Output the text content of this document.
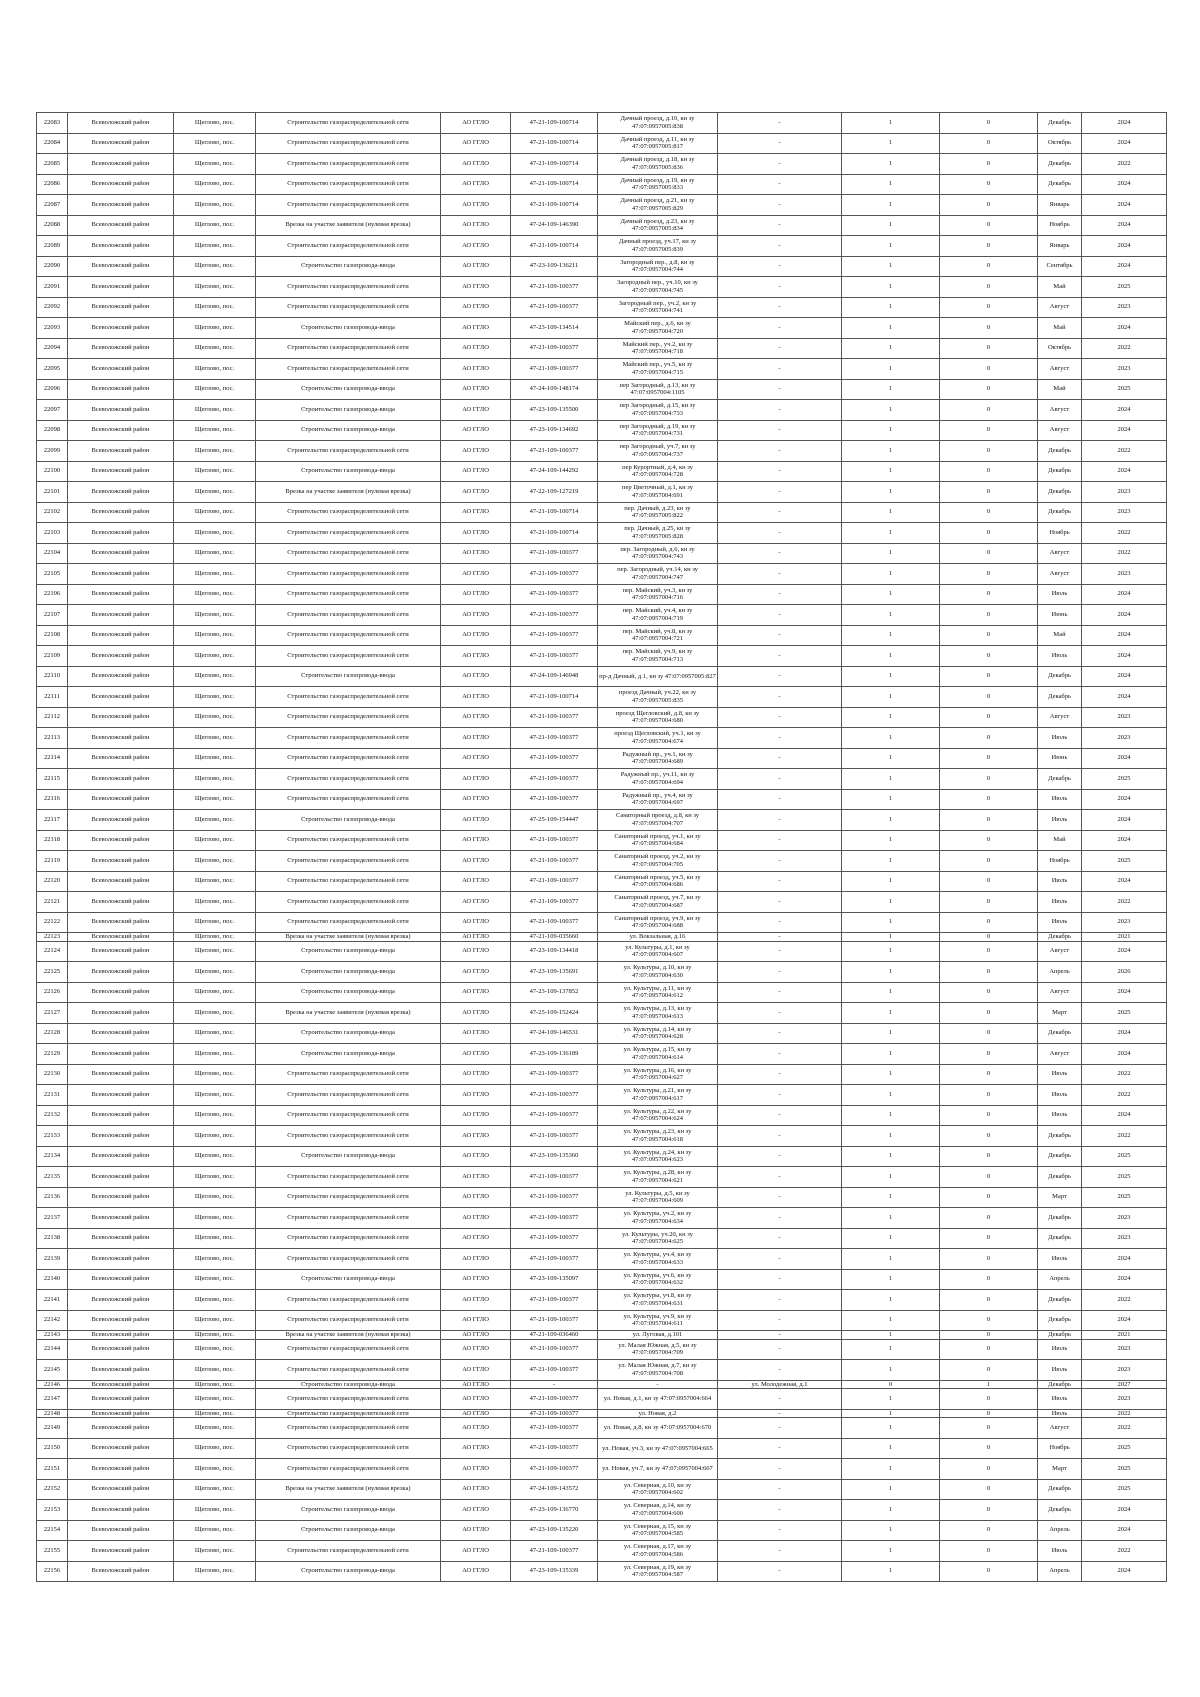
22083	Всеволожский район	Щеглово, пос.	Строительство газораспределительной сети	АО ГГЛО	47-21-109-100714	Дачный проезд, д.10, кн зу 47:07:0957005:838	-	1	0	Декабрь	2024
22084	Всеволожский район	Щеглово, пос.	Строительство газораспределительной сети	АО ГГЛО	47-21-109-100714	Дачный проезд, д.11, кн зу 47:07:0957005:817	-	1	0	Октябрь	2024
22085	Всеволожский район	Щеглово, пос.	Строительство газораспределительной сети	АО ГГЛО	47-21-109-100714	Дачный проезд, д.18, кн зу 47:07:0957005:836	-	1	0	Декабрь	2022
22086	Всеволожский район	Щеглово, пос.	Строительство газораспределительной сети	АО ГГЛО	47-21-109-100714	Дачный проезд, д.19, кн зу 47:07:0957005:833	-	1	0	Декабрь	2024
22087	Всеволожский район	Щеглово, пос.	Строительство газораспределительной сети	АО ГГЛО	47-21-109-100714	Дачный проезд, д.21, кн зу 47:07:0957005:829	-	1	0	Январь	2024
22088	Всеволожский район	Щеглово, пос.	Врезка на участке заявителя (нулевая врезка)	АО ГГЛО	47-24-109-146390	Дачный проезд, д.23, кн зу 47:07:0957005:834	-	1	0	Ноябрь	2024
22089	Всеволожский район	Щеглово, пос.	Строительство газораспределительной сети	АО ГГЛО	47-21-109-100714	Дачный проезд, уч.17, кн зу 47:07:0957005:839	-	1	0	Январь	2024
22090	Всеволожский район	Щеглово, пос.	Строительство газопровода-ввода	АО ГГЛО	47-23-109-136211	Загородный пер., д.8, кн зу 47:07:0957004:744	-	1	0	Сентябрь	2024
22091	Всеволожский район	Щеглово, пос.	Строительство газораспределительной сети	АО ГГЛО	47-21-109-100377	Загородный пер., уч.10, кн зу 47:07:0957004:745	-	1	0	Май	2025
22092	Всеволожский район	Щеглово, пос.	Строительство газораспределительной сети	АО ГГЛО	47-21-109-100377	Загородный пер., уч.2, кн зу 47:07:0957004:741	-	1	0	Август	2023
22093	Всеволожский район	Щеглово, пос.	Строительство газопровода-ввода	АО ГГЛО	47-23-109-134514	Майский пер., д.6, кн зу 47:07:0957004:720	-	1	0	Май	2024
22094	Всеволожский район	Щеглово, пос.	Строительство газораспределительной сети	АО ГГЛО	47-21-109-100377	Майский пер., уч.2, кн зу 47:07:0957004:718	-	1	0	Октябрь	2022
22095	Всеволожский район	Щеглово, пос.	Строительство газораспределительной сети	АО ГГЛО	47-21-109-100377	Майский пер., уч.5, кн зу 47:07:0957004:715	-	1	0	Август	2023
22096	Всеволожский район	Щеглово, пос.	Строительство газопровода-ввода	АО ГГЛО	47-24-109-148174	пер Загородный, д.13, кн зу 47:07:0957004:1105	-	1	0	Май	2025
22097	Всеволожский район	Щеглово, пос.	Строительство газопровода-ввода	АО ГГЛО	47-23-109-135500	пер Загородный, д.15, кн зу 47:07:0957004:733	-	1	0	Август	2024
22098	Всеволожский район	Щеглово, пос.	Строительство газопровода-ввода	АО ГГЛО	47-23-109-134692	пер Загородный, д.19, кн зу 47:07:0957004:731	-	1	0	Август	2024
22099	Всеволожский район	Щеглово, пос.	Строительство газораспределительной сети	АО ГГЛО	47-21-109-100377	пер Загородный, уч.7, кн зу 47:07:0957004:737	-	1	0	Декабрь	2022
22100	Всеволожский район	Щеглово, пос.	Строительство газопровода-ввода	АО ГГЛО	47-24-109-144292	пер Курортный, д.4, кн зу 47:07:0957004:728	-	1	0	Декабрь	2024
22101	Всеволожский район	Щеглово, пос.	Врезка на участке заявителя (нулевая врезка)	АО ГГЛО	47-22-109-127219	пер Цветочный, д.1, кн зу 47:07:0957004:691	-	1	0	Декабрь	2023
22102	Всеволожский район	Щеглово, пос.	Строительство газораспределительной сети	АО ГГЛО	47-21-109-100714	пер. Дачный, д.23, кн зу 47:07:0957005:822	-	1	0	Декабрь	2023
22103	Всеволожский район	Щеглово, пос.	Строительство газораспределительной сети	АО ГГЛО	47-21-109-100714	пер. Дачный, д.25, кн зу 47:07:0957005:828	-	1	0	Ноябрь	2022
22104	Всеволожский район	Щеглово, пос.	Строительство газораспределительной сети	АО ГГЛО	47-21-109-100377	пер. Загородный, д.6, кн зу 47:07:0957004:743	-	1	0	Август	2022
22105	Всеволожский район	Щеглово, пос.	Строительство газораспределительной сети	АО ГГЛО	47-21-109-100377	пер. Загородный, уч.14, кн зу 47:07:0957004:747	-	1	0	Август	2023
22106	Всеволожский район	Щеглово, пос.	Строительство газораспределительной сети	АО ГГЛО	47-21-109-100377	пер. Майский, уч.3, кн зу 47:07:0957004:716	-	1	0	Июль	2024
22107	Всеволожский район	Щеглово, пос.	Строительство газораспределительной сети	АО ГГЛО	47-21-109-100377	пер. Майский, уч.4, кн зу 47:07:0957004:719	-	1	0	Июнь	2024
22108	Всеволожский район	Щеглово, пос.	Строительство газораспределительной сети	АО ГГЛО	47-21-109-100377	пер. Майский, уч.8, кн зу 47:07:0957004:721	-	1	0	Май	2024
22109	Всеволожский район	Щеглово, пос.	Строительство газораспределительной сети	АО ГГЛО	47-21-109-100377	пер. Майский, уч.9, кн зу 47:07:0957004:713	-	1	0	Июль	2024
22110	Всеволожский район	Щеглово, пос.	Строительство газопровода-ввода	АО ГГЛО	47-24-109-146948	пр-д Дачный, д.1, кн зу 47:07:0957005:827	-	1	0	Декабрь	2024
22111	Всеволожский район	Щеглово, пос.	Строительство газораспределительной сети	АО ГГЛО	47-21-109-100714	проезд Дачный, уч.22, кн зу 47:07:0957005:835	-	1	0	Декабрь	2024
22112	Всеволожский район	Щеглово, пос.	Строительство газораспределительной сети	АО ГГЛО	47-21-109-100377	проезд Щегловский, д.8, кн зу 47:07:0957004:680	-	1	0	Август	2023
22113	Всеволожский район	Щеглово, пос.	Строительство газораспределительной сети	АО ГГЛО	47-21-109-100377	проезд Щегловский, уч.1, кн зу 47:07:0957004:674	-	1	0	Июль	2023
22114	Всеволожский район	Щеглово, пос.	Строительство газораспределительной сети	АО ГГЛО	47-21-109-100377	Радужный пр., уч.1, кн зу 47:07:0957004:689	-	1	0	Июнь	2024
22115	Всеволожский район	Щеглово, пос.	Строительство газораспределительной сети	АО ГГЛО	47-21-109-100377	Радужный пр., уч.11, кн зу 47:07:0957004:694	-	1	0	Декабрь	2025
22116	Всеволожский район	Щеглово, пос.	Строительство газораспределительной сети	АО ГГЛО	47-21-109-100377	Радужный пр., уч.4, кн зу 47:07:0957004:697	-	1	0	Июль	2024
22117	Всеволожский район	Щеглово, пос.	Строительство газопровода-ввода	АО ГГЛО	47-25-109-154447	Санаторный проезд, д.8, кн зу 47:07:0957004:707	-	1	0	Июль	2024
22118	Всеволожский район	Щеглово, пос.	Строительство газораспределительной сети	АО ГГЛО	47-21-109-100377	Санаторный проезд, уч.1, кн зу 47:07:0957004:684	-	1	0	Май	2024
22119	Всеволожский район	Щеглово, пос.	Строительство газораспределительной сети	АО ГГЛО	47-21-109-100377	Санаторный проезд, уч.2, кн зу 47:07:0957004:705	-	1	0	Ноябрь	2025
22120	Всеволожский район	Щеглово, пос.	Строительство газораспределительной сети	АО ГГЛО	47-21-109-100377	Санаторный проезд, уч.5, кн зу 47:07:0957004:686	-	1	0	Июль	2024
22121	Всеволожский район	Щеглово, пос.	Строительство газораспределительной сети	АО ГГЛО	47-21-109-100377	Санаторный проезд, уч.7, кн зу 47:07:0957004:687	-	1	0	Июль	2022
22122	Всеволожский район	Щеглово, пос.	Строительство газораспределительной сети	АО ГГЛО	47-21-109-100377	Санаторный проезд, уч.9, кн зу 47:07:0957004:688	-	1	0	Июль	2023
22123	Всеволожский район	Щеглово, пос.	Врезка на участке заявителя (нулевая врезка)	АО ГГЛО	47-21-109-035660	ул. Вокзальная, д.16	-	1	0	Декабрь	2021
22124	Всеволожский район	Щеглово, пос.	Строительство газопровода-ввода	АО ГГЛО	47-23-109-134418	ул. Культуры, д.1, кн зу 47:07:0957004:607	-	1	0	Август	2024
22125	Всеволожский район	Щеглово, пос.	Строительство газопровода-ввода	АО ГГЛО	47-23-109-135691	ул. Культуры, д.10, кн зу 47:07:0957004:630	-	1	0	Апрель	2026
22126	Всеволожский район	Щеглово, пос.	Строительство газопровода-ввода	АО ГГЛО	47-23-109-137852	ул. Культуры, д.11, кн зу 47:07:0957004:612	-	1	0	Август	2024
22127	Всеволожский район	Щеглово, пос.	Врезка на участке заявителя (нулевая врезка)	АО ГГЛО	47-25-109-152424	ул. Культуры, д.13, кн зу 47:07:0957004:613	-	1	0	Март	2025
22128	Всеволожский район	Щеглово, пос.	Строительство газопровода-ввода	АО ГГЛО	47-24-109-146531	ул. Культуры, д.14, кн зу 47:07:0957004:628	-	1	0	Декабрь	2024
22129	Всеволожский район	Щеглово, пос.	Строительство газопровода-ввода	АО ГГЛО	47-23-109-136189	ул. Культуры, д.15, кн зу 47:07:0957004:614	-	1	0	Август	2024
22130	Всеволожский район	Щеглово, пос.	Строительство газораспределительной сети	АО ГГЛО	47-21-109-100377	ул. Культуры, д.16, кн зу 47:07:0957004:627	-	1	0	Июль	2022
22131	Всеволожский район	Щеглово, пос.	Строительство газораспределительной сети	АО ГГЛО	47-21-109-100377	ул. Культуры, д.21, кн зу 47:07:0957004:617	-	1	0	Июль	2022
22132	Всеволожский район	Щеглово, пос.	Строительство газораспределительной сети	АО ГГЛО	47-21-109-100377	ул. Культуры, д.22, кн зу 47:07:0957004:624	-	1	0	Июль	2024
22133	Всеволожский район	Щеглово, пос.	Строительство газораспределительной сети	АО ГГЛО	47-21-109-100377	ул. Культуры, д.23, кн зу 47:07:0957004:618	-	1	0	Декабрь	2022
22134	Всеволожский район	Щеглово, пос.	Строительство газопровода-ввода	АО ГГЛО	47-23-109-135360	ул. Культуры, д.24, кн зу 47:07:0957004:623	-	1	0	Декабрь	2025
22135	Всеволожский район	Щеглово, пос.	Строительство газораспределительной сети	АО ГГЛО	47-21-109-100377	ул. Культуры, д.28, кн зу 47:07:0957004:621	-	1	0	Декабрь	2025
22136	Всеволожский район	Щеглово, пос.	Строительство газораспределительной сети	АО ГГЛО	47-21-109-100377	ул. Культуры, д.5, кн зу 47:07:0957004:609	-	1	0	Март	2025
22137	Всеволожский район	Щеглово, пос.	Строительство газораспределительной сети	АО ГГЛО	47-21-109-100377	ул. Культуры, уч.2, кн зу 47:07:0957004:634	-	1	0	Декабрь	2023
22138	Всеволожский район	Щеглово, пос.	Строительство газораспределительной сети	АО ГГЛО	47-21-109-100377	ул. Культуры, уч.20, кн зу 47:07:0957004:625	-	1	0	Декабрь	2023
22139	Всеволожский район	Щеглово, пос.	Строительство газораспределительной сети	АО ГГЛО	47-21-109-100377	ул. Культуры, уч.4, кн зу 47:07:0957004:633	-	1	0	Июль	2024
22140	Всеволожский район	Щеглово, пос.	Строительство газопровода-ввода	АО ГГЛО	47-23-109-135097	ул. Культуры, уч.6, кн зу 47:07:0957004:632	-	1	0	Апрель	2024
22141	Всеволожский район	Щеглово, пос.	Строительство газораспределительной сети	АО ГГЛО	47-21-109-100377	ул. Культуры, уч.8, кн зу 47:07:0957004:631	-	1	0	Декабрь	2022
22142	Всеволожский район	Щеглово, пос.	Строительство газораспределительной сети	АО ГГЛО	47-21-109-100377	ул. Культуры, уч.9, кн зу 47:07:0957004:611	-	1	0	Декабрь	2024
22143	Всеволожский район	Щеглово, пос.	Врезка на участке заявителя (нулевая врезка)	АО ГГЛО	47-21-109-036460	ул. Луговая, д.101	-	1	0	Декабрь	2021
22144	Всеволожский район	Щеглово, пос.	Строительство газораспределительной сети	АО ГГЛО	47-21-109-100377	ул. Малая Южная, д.5, кн зу 47:07:0957004:709	-	1	0	Июль	2023
22145	Всеволожский район	Щеглово, пос.	Строительство газораспределительной сети	АО ГГЛО	47-21-109-100377	ул. Малая Южная, д.7, кн зу 47:07:0957004:708	-	1	0	Июль	2023
22146	Всеволожский район	Щеглово, пос.	Строительство газопровода-ввода	АО ГГЛО	-	-	ул. Молодежная, д.1	0	1	Декабрь	2027
22147	Всеволожский район	Щеглово, пос.	Строительство газораспределительной сети	АО ГГЛО	47-21-109-100377	ул. Новая, д.1, кн зу 47:07:0957004:664	-	1	0	Июль	2023
22148	Всеволожский район	Щеглово, пос.	Строительство газораспределительной сети	АО ГГЛО	47-21-109-100377	ул. Новая, д.2	-	1	0	Июль	2022
22149	Всеволожский район	Щеглово, пос.	Строительство газораспределительной сети	АО ГГЛО	47-21-109-100377	ул. Новая, д.8, кн зу 47:07:0957004:670	-	1	0	Август	2022
22150	Всеволожский район	Щеглово, пос.	Строительство газораспределительной сети	АО ГГЛО	47-21-109-100377	ул. Новая, уч.3, кн зу 47:07:0957004:665	-	1	0	Ноябрь	2025
22151	Всеволожский район	Щеглово, пос.	Строительство газораспределительной сети	АО ГГЛО	47-21-109-100377	ул. Новая, уч.7, кн зу 47:07:0957004:667	-	1	0	Март	2025
22152	Всеволожский район	Щеглово, пос.	Врезка на участке заявителя (нулевая врезка)	АО ГГЛО	47-24-109-143572	ул. Северная, д.10, кн зу 47:07:0957004:602	-	1	0	Декабрь	2025
22153	Всеволожский район	Щеглово, пос.	Строительство газопровода-ввода	АО ГГЛО	47-23-109-136770	ул. Северная, д.14, кн зу 47:07:0957004:600	-	1	0	Декабрь	2024
22154	Всеволожский район	Щеглово, пос.	Строительство газопровода-ввода	АО ГГЛО	47-23-109-135220	ул. Северная, д.15, кн зу 47:07:0957004:585	-	1	0	Апрель	2024
22155	Всеволожский район	Щеглово, пос.	Строительство газораспределительной сети	АО ГГЛО	47-21-109-100377	ул. Северная, д.17, кн зу 47:07:0957004:586	-	1	0	Июль	2022
22156	Всеволожский район	Щеглово, пос.	Строительство газопровода-ввода	АО ГГЛО	47-23-109-135339	ул. Северная, д.19, кн зу 47:07:0957004:587	-	1	0	Апрель	2024
